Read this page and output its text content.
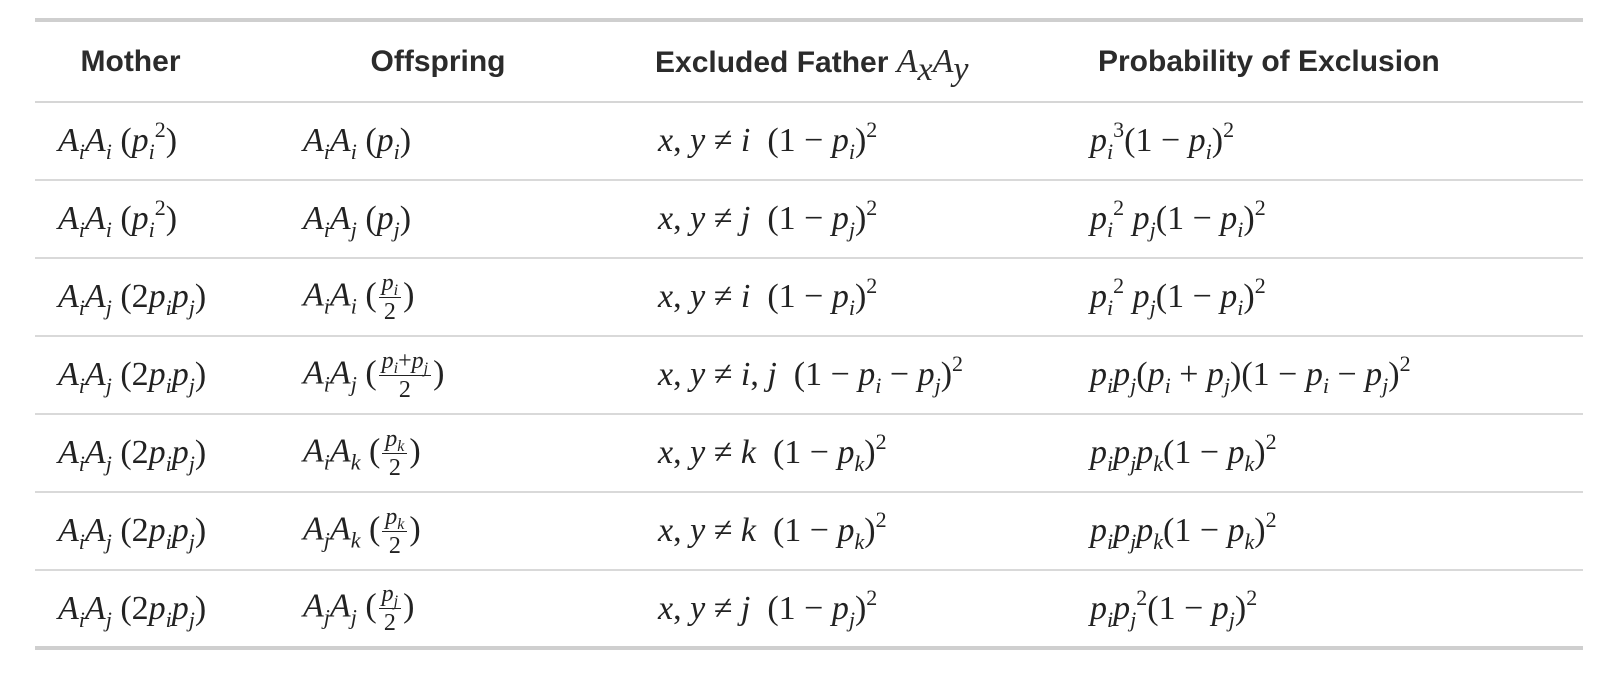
Mother	Offspring	Excluded Father $A_xA_y$	Probability of Exclusion
$A_iA_i$ $(p_i^2)$	$A_iA_i$ $(p_i)$	x, y ≠ i $(1 - p_i)^2$	$p_i^3(1 - p_i)^2$
$A_iA_i$ $(p_i^2)$	$A_iA_j$ $(p_j)$	x, y ≠ j $(1 - p_j)^2$	$p_i^2$ $p_j(1 - p_i)^2$
$A_iA_j$ $(2p_ip_j)$	$A_iA_i$ ( $\frac{p_i}{2}$ )	x, y ≠ i $(1 - p_i)^2$	$p_i^2$ $p_j(1 - p_i)^2$
$A_iA_j$ $(2p_ip_j)$	$A_iA_j$ ( $\frac{p_i+p_j}{2}$ )	x, y ≠ i, j $(1 - p_i - p_j)^2$	$p_ip_j(p_i + p_j)(1 - p_i - p_j)^2$
$A_iA_j$ $(2p_ip_j)$	$A_iA_k$ ( $\frac{p_k}{2}$ )	x, y ≠ k $(1 - p_k)^2$	$p_ip_jp_k(1 - p_k)^2$
$A_iA_j$ $(2p_ip_j)$	$A_jA_k$ ( $\frac{p_k}{2}$ )	x, y ≠ k $(1 - p_k)^2$	$p_ip_jp_k(1 - p_k)^2$
$A_iA_j$ $(2p_ip_j)$	$A_jA_j$ ( $\frac{p_j}{2}$ )	x, y ≠ j $(1 - p_j)^2$	$p_ip_j^2(1 - p_j)^2$
